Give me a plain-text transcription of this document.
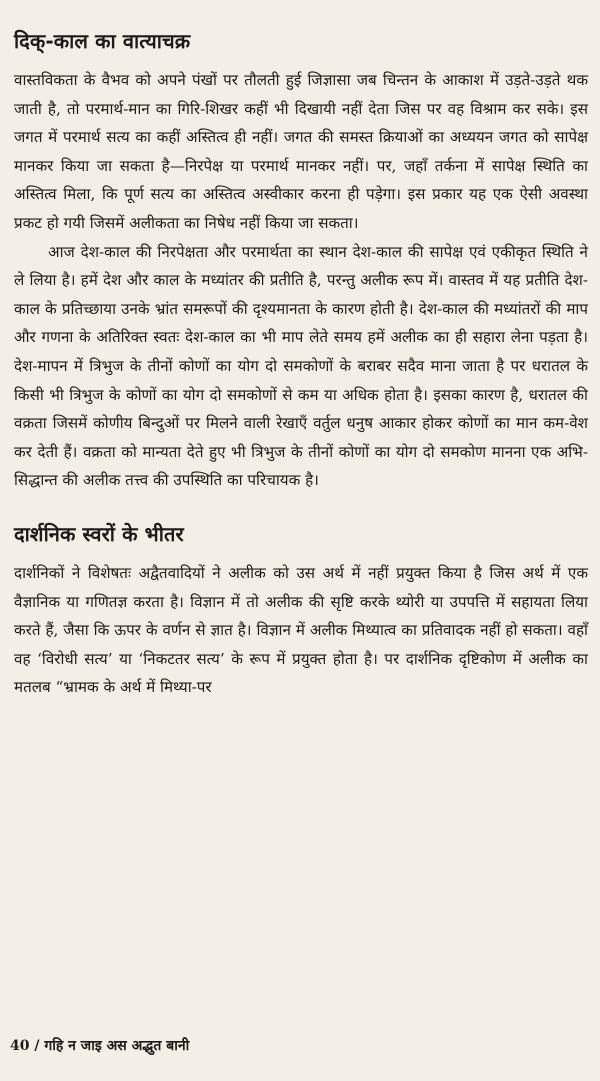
दिक्-काल का वात्याचक्र

वास्तविकता के वैभव को अपने पंखों पर तौलती हुई जिज्ञासा जब चिन्तन के आकाश में उड़ते-उड़ते थक जाती है, तो परमार्थ-मान का गिरि-शिखर कहीं भी दिखायी नहीं देता जिस पर वह विश्राम कर सके। इस जगत में परमार्थ सत्य का कहीं अस्तित्व ही नहीं। जगत की समस्त क्रियाओं का अध्ययन जगत को सापेक्ष मानकर किया जा सकता है—निरपेक्ष या परमार्थ मानकर नहीं। पर, जहाँ तर्कना में सापेक्ष स्थिति का अस्तित्व मिला, कि पूर्ण सत्य का अस्तित्व अस्वीकार करना ही पड़ेगा। इस प्रकार यह एक ऐसी अवस्था प्रकट हो गयी जिसमें अलीकता का निषेध नहीं किया जा सकता।

आज देश-काल की निरपेक्षता और परमार्थता का स्थान देश-काल की सापेक्ष एवं एकीकृत स्थिति ने ले लिया है। हमें देश और काल के मध्यांतर की प्रतीति है, परन्तु अलीक रूप में। वास्तव में यह प्रतीति देश-काल के प्रतिच्छाया उनके भ्रांत समरूपों की दृश्यमानता के कारण होती है। देश-काल की मध्यांतरों की माप और गणना के अतिरिक्त स्वतः देश-काल का भी माप लेते समय हमें अलीक का ही सहारा लेना पड़ता है। देश-मापन में त्रिभुज के तीनों कोणों का योग दो समकोणों के बराबर सदैव माना जाता है पर धरातल के किसी भी त्रिभुज के कोणों का योग दो समकोणों से कम या अधिक होता है। इसका कारण है, धरातल की वक्रता जिसमें कोणीय बिन्दुओं पर मिलने वाली रेखाएँ वर्तुल धनुष आकार होकर कोणों का मान कम-वेश कर देती हैं। वक्रता को मान्यता देते हुए भी त्रिभुज के तीनों कोणों का योग दो समकोण मानना एक अभि-सिद्धान्त की अलीक तत्त्व की उपस्थिति का परिचायक है।

दार्शनिक स्वरों के भीतर

दार्शनिकों ने विशेषतः अद्वैतवादियों ने अलीक को उस अर्थ में नहीं प्रयुक्त किया है जिस अर्थ में एक वैज्ञानिक या गणितज्ञ करता है। विज्ञान में तो अलीक की सृष्टि करके थ्योरी या उपपत्ति में सहायता लिया करते हैं, जैसा कि ऊपर के वर्णन से ज्ञात है। विज्ञान में अलीक मिथ्यात्व का प्रतिवादक नहीं हो सकता। वहाँ वह ‘विरोधी सत्य’ या ‘निकटतर सत्य’ के रूप में प्रयुक्त होता है। पर दार्शनिक दृष्टिकोण में अलीक का मतलब “भ्रामक के अर्थ में मिथ्या-पर

40 / गहि न जाइ अस अद्भुत बानी
